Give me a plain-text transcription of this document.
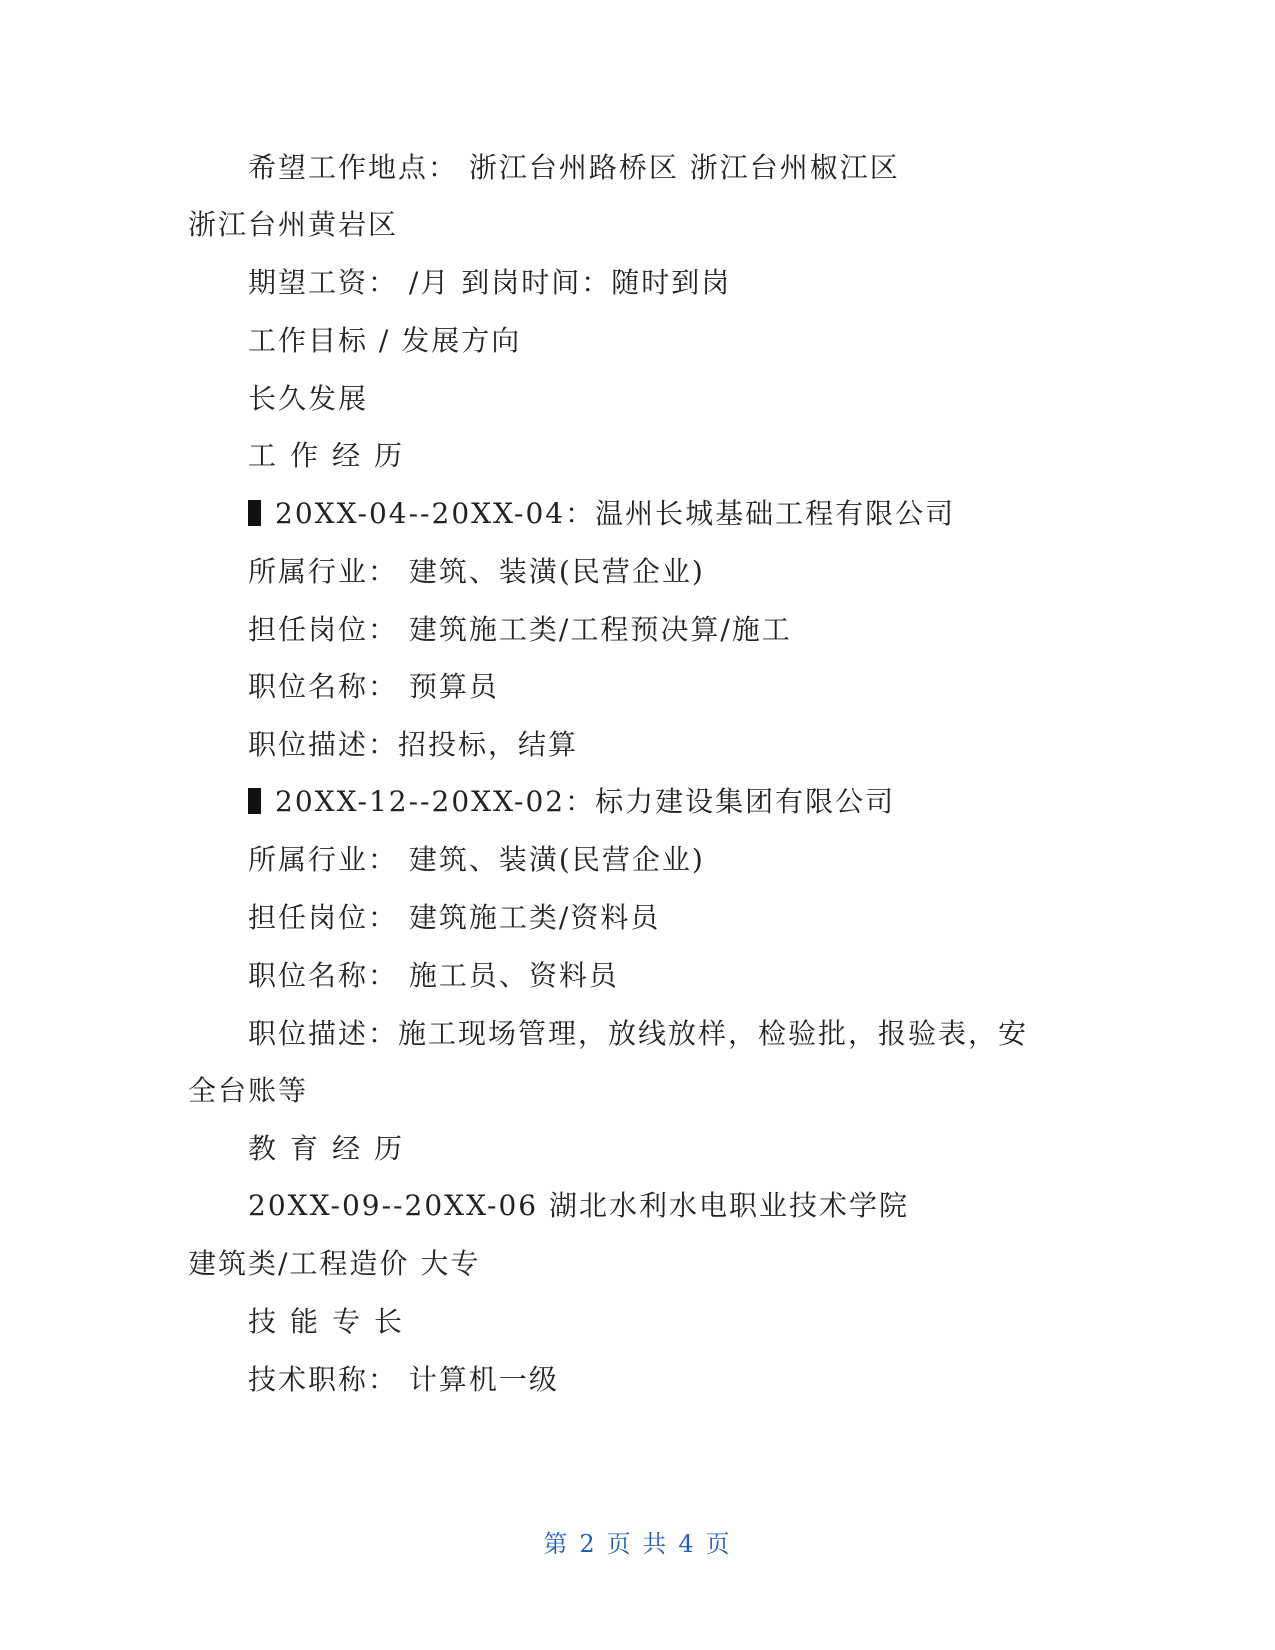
希望工作地点： 浙江台州路桥区 浙江台州椒江区
浙江台州黄岩区
期望工资： /月 到岗时间：随时到岗
工作目标 / 发展方向
长久发展
工作经历
20XX-04--20XX-04：温州长城基础工程有限公司
所属行业： 建筑、装潢(民营企业)
担任岗位： 建筑施工类/工程预决算/施工
职位名称： 预算员
职位描述：招投标，结算
20XX-12--20XX-02：标力建设集团有限公司
所属行业： 建筑、装潢(民营企业)
担任岗位： 建筑施工类/资料员
职位名称： 施工员、资料员
职位描述：施工现场管理，放线放样，检验批，报验表，安
全台账等
教育经历
20XX-09--20XX-06 湖北水利水电职业技术学院
建筑类/工程造价 大专
技能专长
技术职称： 计算机一级
第 2 页 共 4 页
